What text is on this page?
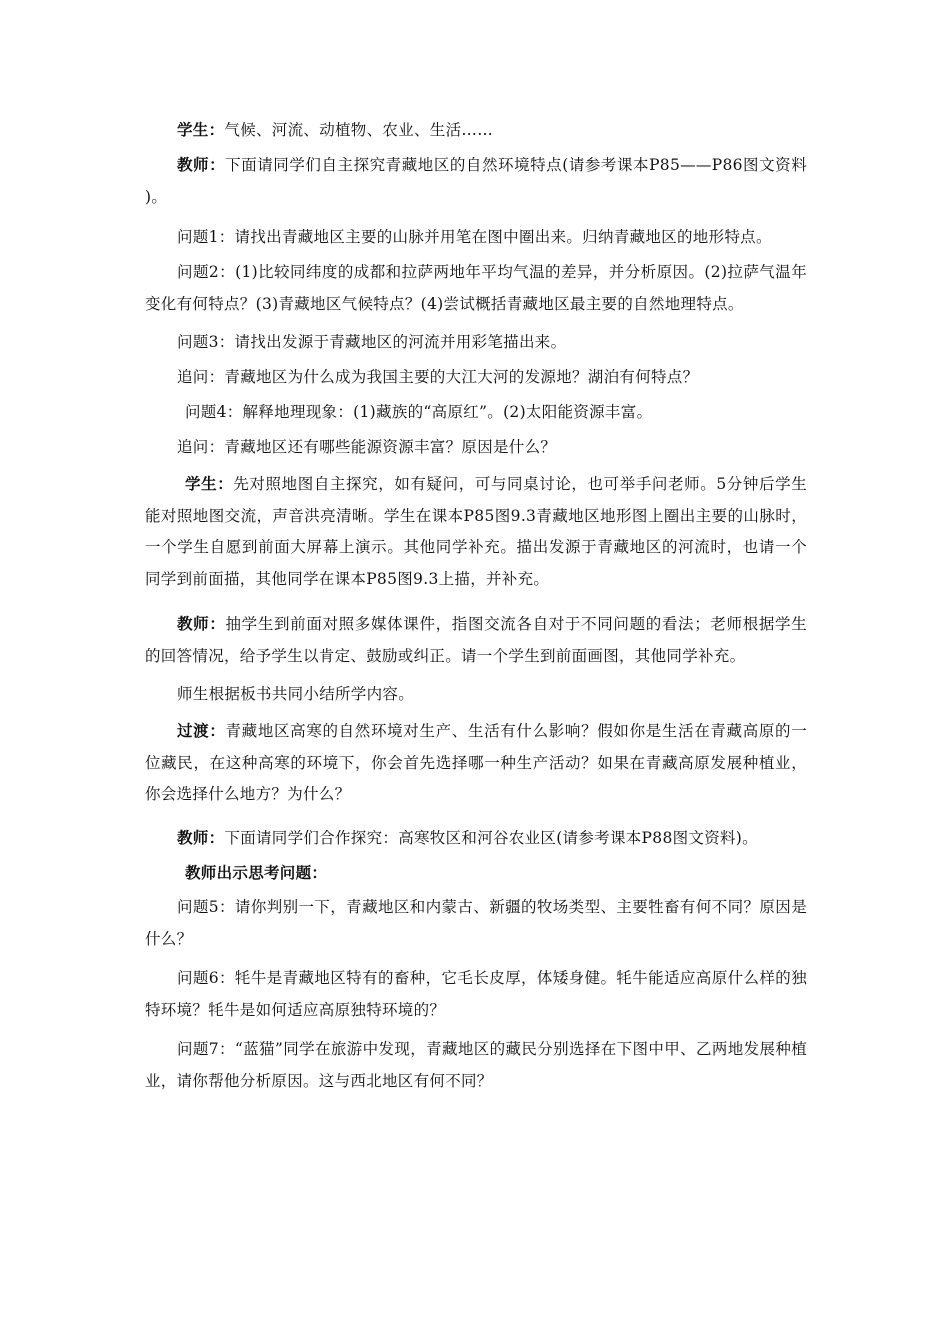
学生：气候、河流、动植物、农业、生活……

教师：下面请同学们自主探究青藏地区的自然环境特点(请参考课本P85——P86图文资料 )。

问题1：请找出青藏地区主要的山脉并用笔在图中圈出来。归纳青藏地区的地形特点。

问题2：(1)比较同纬度的成都和拉萨两地年平均气温的差异，并分析原因。(2)拉萨气温年变化有何特点？(3)青藏地区气候特点？(4)尝试概括青藏地区最主要的自然地理特点。

问题3：请找出发源于青藏地区的河流并用彩笔描出来。

追问：青藏地区为什么成为我国主要的大江大河的发源地？湖泊有何特点？

问题4：解释地理现象：(1)藏族的“高原红”。(2)太阳能资源丰富。

追问：青藏地区还有哪些能源资源丰富？原因是什么？

学生：先对照地图自主探究，如有疑问，可与同桌讨论，也可举手问老师。5分钟后学生能对照地图交流，声音洪亮清晰。学生在课本P85图9.3青藏地区地形图上圈出主要的山脉时，一个学生自愿到前面大屏幕上演示。其他同学补充。描出发源于青藏地区的河流时，也请一个同学到前面描，其他同学在课本P85图9.3上描，并补充。

教师：抽学生到前面对照多媒体课件，指图交流各自对于不同问题的看法；老师根据学生的回答情况，给予学生以肯定、鼓励或纠正。请一个学生到前面画图，其他同学补充。

师生根据板书共同小结所学内容。

过渡：青藏地区高寒的自然环境对生产、生活有什么影响？假如你是生活在青藏高原的一位藏民，在这种高寒的环境下，你会首先选择哪一种生产活动？如果在青藏高原发展种植业，你会选择什么地方？为什么？

教师：下面请同学们合作探究：高寒牧区和河谷农业区(请参考课本P88图文资料)。

教师出示思考问题：

问题5：请你判别一下，青藏地区和内蒙古、新疆的牧场类型、主要牲畜有何不同？原因是什么？

问题6：牦牛是青藏地区特有的畜种，它毛长皮厚，体矮身健。牦牛能适应高原什么样的独特环境？牦牛是如何适应高原独特环境的？

问题7：“蓝猫”同学在旅游中发现，青藏地区的藏民分别选择在下图中甲、乙两地发展种植业，请你帮他分析原因。这与西北地区有何不同？
